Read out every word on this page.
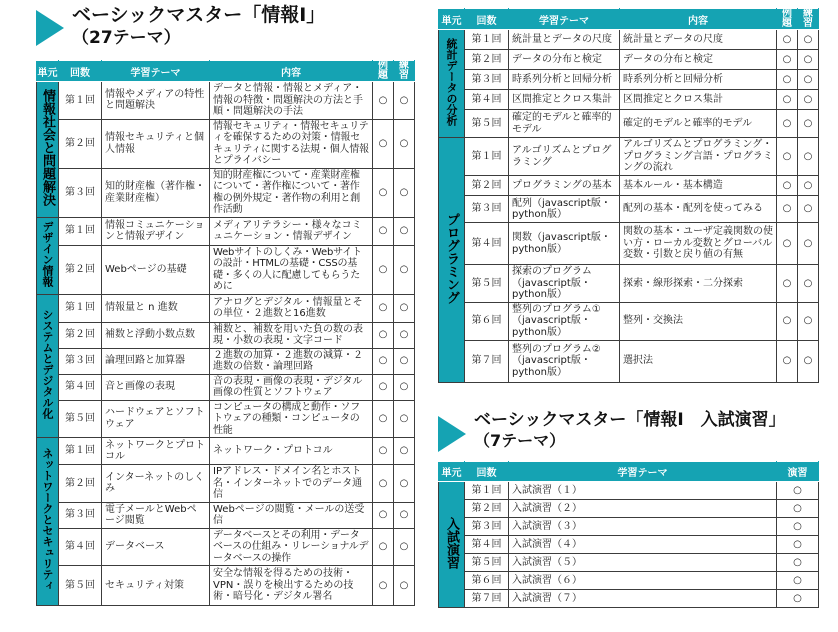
ベーシックマスター「情報Ⅰ」
（27テーマ）
単元	回数	学習テーマ	内容	例題	練習
情報社会と問題解決	第１回	情報やメディアの特性と問題解決	データと情報・情報とメディア・情報の特徴・問題解決の方法と手順・問題解決の手法	○	○
	第２回	情報セキュリティと個人情報	情報セキュリティ・情報セキュリティを確保するための対策・情報セキュリティに関する法規・個人情報とプライバシー	○	○
	第３回	知的財産権（著作権・産業財産権）	知的財産権について・産業財産権について・著作権について・著作権の例外規定・著作物の利用と創作活動	○	○
デザイン情報	第１回	情報コミュニケーションと情報デザイン	メディアリテラシー・様々なコミュニケーション・情報デザイン	○	○
	第２回	Webページの基礎	Webサイトのしくみ・Webサイトの設計・HTMLの基礎・CSSの基礎・多くの人に配慮してもらうために	○	○
システムとデジタル化	第１回	情報量と n 進数	アナログとデジタル・情報量とその単位・２進数と16進数	○	○
	第２回	補数と浮動小数点数	補数と、補数を用いた負の数の表現・小数の表現・文字コード	○	○
	第３回	論理回路と加算器	２進数の加算・２進数の減算・２進数の倍数・論理回路	○	○
	第４回	音と画像の表現	音の表現・画像の表現・デジタル画像の性質とソフトウェア	○	○
	第５回	ハードウェアとソフトウェア	コンピュータの構成と動作・ソフトウェアの種類・コンピュータの性能	○	○
ネットワークとセキュリティ	第１回	ネットワークとプロトコル	ネットワーク・プロトコル	○	○
	第２回	インターネットのしくみ	IPアドレス・ドメイン名とホスト名・インターネットでのデータ通信	○	○
	第３回	電子メールとWebページ閲覧	Webページの閲覧・メールの送受信	○	○
	第４回	データベース	データベースとその利用・データベースの仕組み・リレーショナルデータベースの操作	○	○
	第５回	セキュリティ対策	安全な情報を得るための技術・VPN・誤りを検出するための技術・暗号化・デジタル署名	○	○
単元	回数	学習テーマ	内容	例題	練習
統計データの分析	第１回	統計量とデータの尺度	統計量とデータの尺度	○	○
	第２回	データの分布と検定	データの分布と検定	○	○
	第３回	時系列分析と回帰分析	時系列分析と回帰分析	○	○
	第４回	区間推定とクロス集計	区間推定とクロス集計	○	○
	第５回	確定的モデルと確率的モデル	確定的モデルと確率的モデル	○	○
プログラミング	第１回	アルゴリズムとプログラミング	アルゴリズムとプログラミング・プログラミング言語・プログラミングの流れ	○	○
	第２回	プログラミングの基本	基本ルール・基本構造	○	○
	第３回	配列（javascript版・python版）	配列の基本・配列を使ってみる	○	○
	第４回	関数（javascript版・python版）	関数の基本・ユーザ定義関数の使い方・ローカル変数とグローバル変数・引数と戻り値の有無	○	○
	第５回	探索のプログラム（javascript版・python版）	探索・線形探索・二分探索	○	○
	第６回	整列のプログラム①（javascript版・python版）	整列・交換法	○	○
	第７回	整列のプログラム②（javascript版・python版）	選択法	○	○
ベーシックマスター「情報Ⅰ　入試演習」
（7テーマ）
単元	回数	学習テーマ	演習
入試演習	第１回	入試演習（１）	○
	第２回	入試演習（２）	○
	第３回	入試演習（３）	○
	第４回	入試演習（４）	○
	第５回	入試演習（５）	○
	第６回	入試演習（６）	○
	第７回	入試演習（７）	○
